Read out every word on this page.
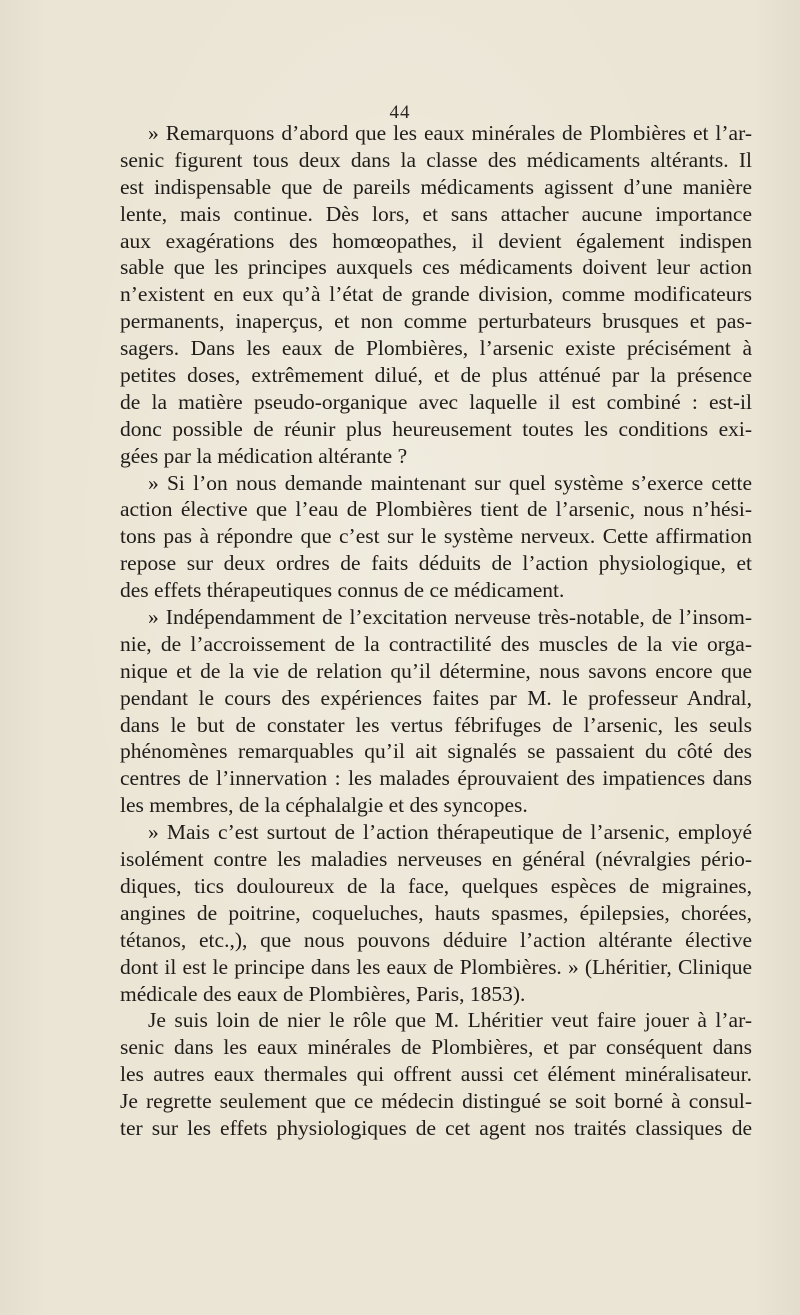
44
» Remarquons d’abord que les eaux minérales de Plombières et l’ar-
senic figurent tous deux dans la classe des médicaments altérants. Il
est indispensable que de pareils médicaments agissent d’une manière
lente, mais continue. Dès lors, et sans attacher aucune importance
aux exagérations des homœopathes, il devient également indispen
sable que les principes auxquels ces médicaments doivent leur action
n’existent en eux qu’à l’état de grande division, comme modificateurs
permanents, inaperçus, et non comme perturbateurs brusques et pas-
sagers. Dans les eaux de Plombières, l’arsenic existe précisément à
petites doses, extrêmement dilué, et de plus atténué par la présence
de la matière pseudo-organique avec laquelle il est combiné : est-il
donc possible de réunir plus heureusement toutes les conditions exi-
gées par la médication altérante ?
» Si l’on nous demande maintenant sur quel système s’exerce cette
action élective que l’eau de Plombières tient de l’arsenic, nous n’hési-
tons pas à répondre que c’est sur le système nerveux. Cette affirmation
repose sur deux ordres de faits déduits de l’action physiologique, et
des effets thérapeutiques connus de ce médicament.
» Indépendamment de l’excitation nerveuse très-notable, de l’insom-
nie, de l’accroissement de la contractilité des muscles de la vie orga-
nique et de la vie de relation qu’il détermine, nous savons encore que
pendant le cours des expériences faites par M. le professeur Andral,
dans le but de constater les vertus fébrifuges de l’arsenic, les seuls
phénomènes remarquables qu’il ait signalés se passaient du côté des
centres de l’innervation : les malades éprouvaient des impatiences dans
les membres, de la céphalalgie et des syncopes.
» Mais c’est surtout de l’action thérapeutique de l’arsenic, employé
isolément contre les maladies nerveuses en général (névralgies pério-
diques, tics douloureux de la face, quelques espèces de migraines,
angines de poitrine, coqueluches, hauts spasmes, épilepsies, chorées,
tétanos, etc.,), que nous pouvons déduire l’action altérante élective
dont il est le principe dans les eaux de Plombières. » (Lhéritier, Clinique
médicale des eaux de Plombières, Paris, 1853).
Je suis loin de nier le rôle que M. Lhéritier veut faire jouer à l’ar-
senic dans les eaux minérales de Plombières, et par conséquent dans
les autres eaux thermales qui offrent aussi cet élément minéralisateur.
Je regrette seulement que ce médecin distingué se soit borné à consul-
ter sur les effets physiologiques de cet agent nos traités classiques de
